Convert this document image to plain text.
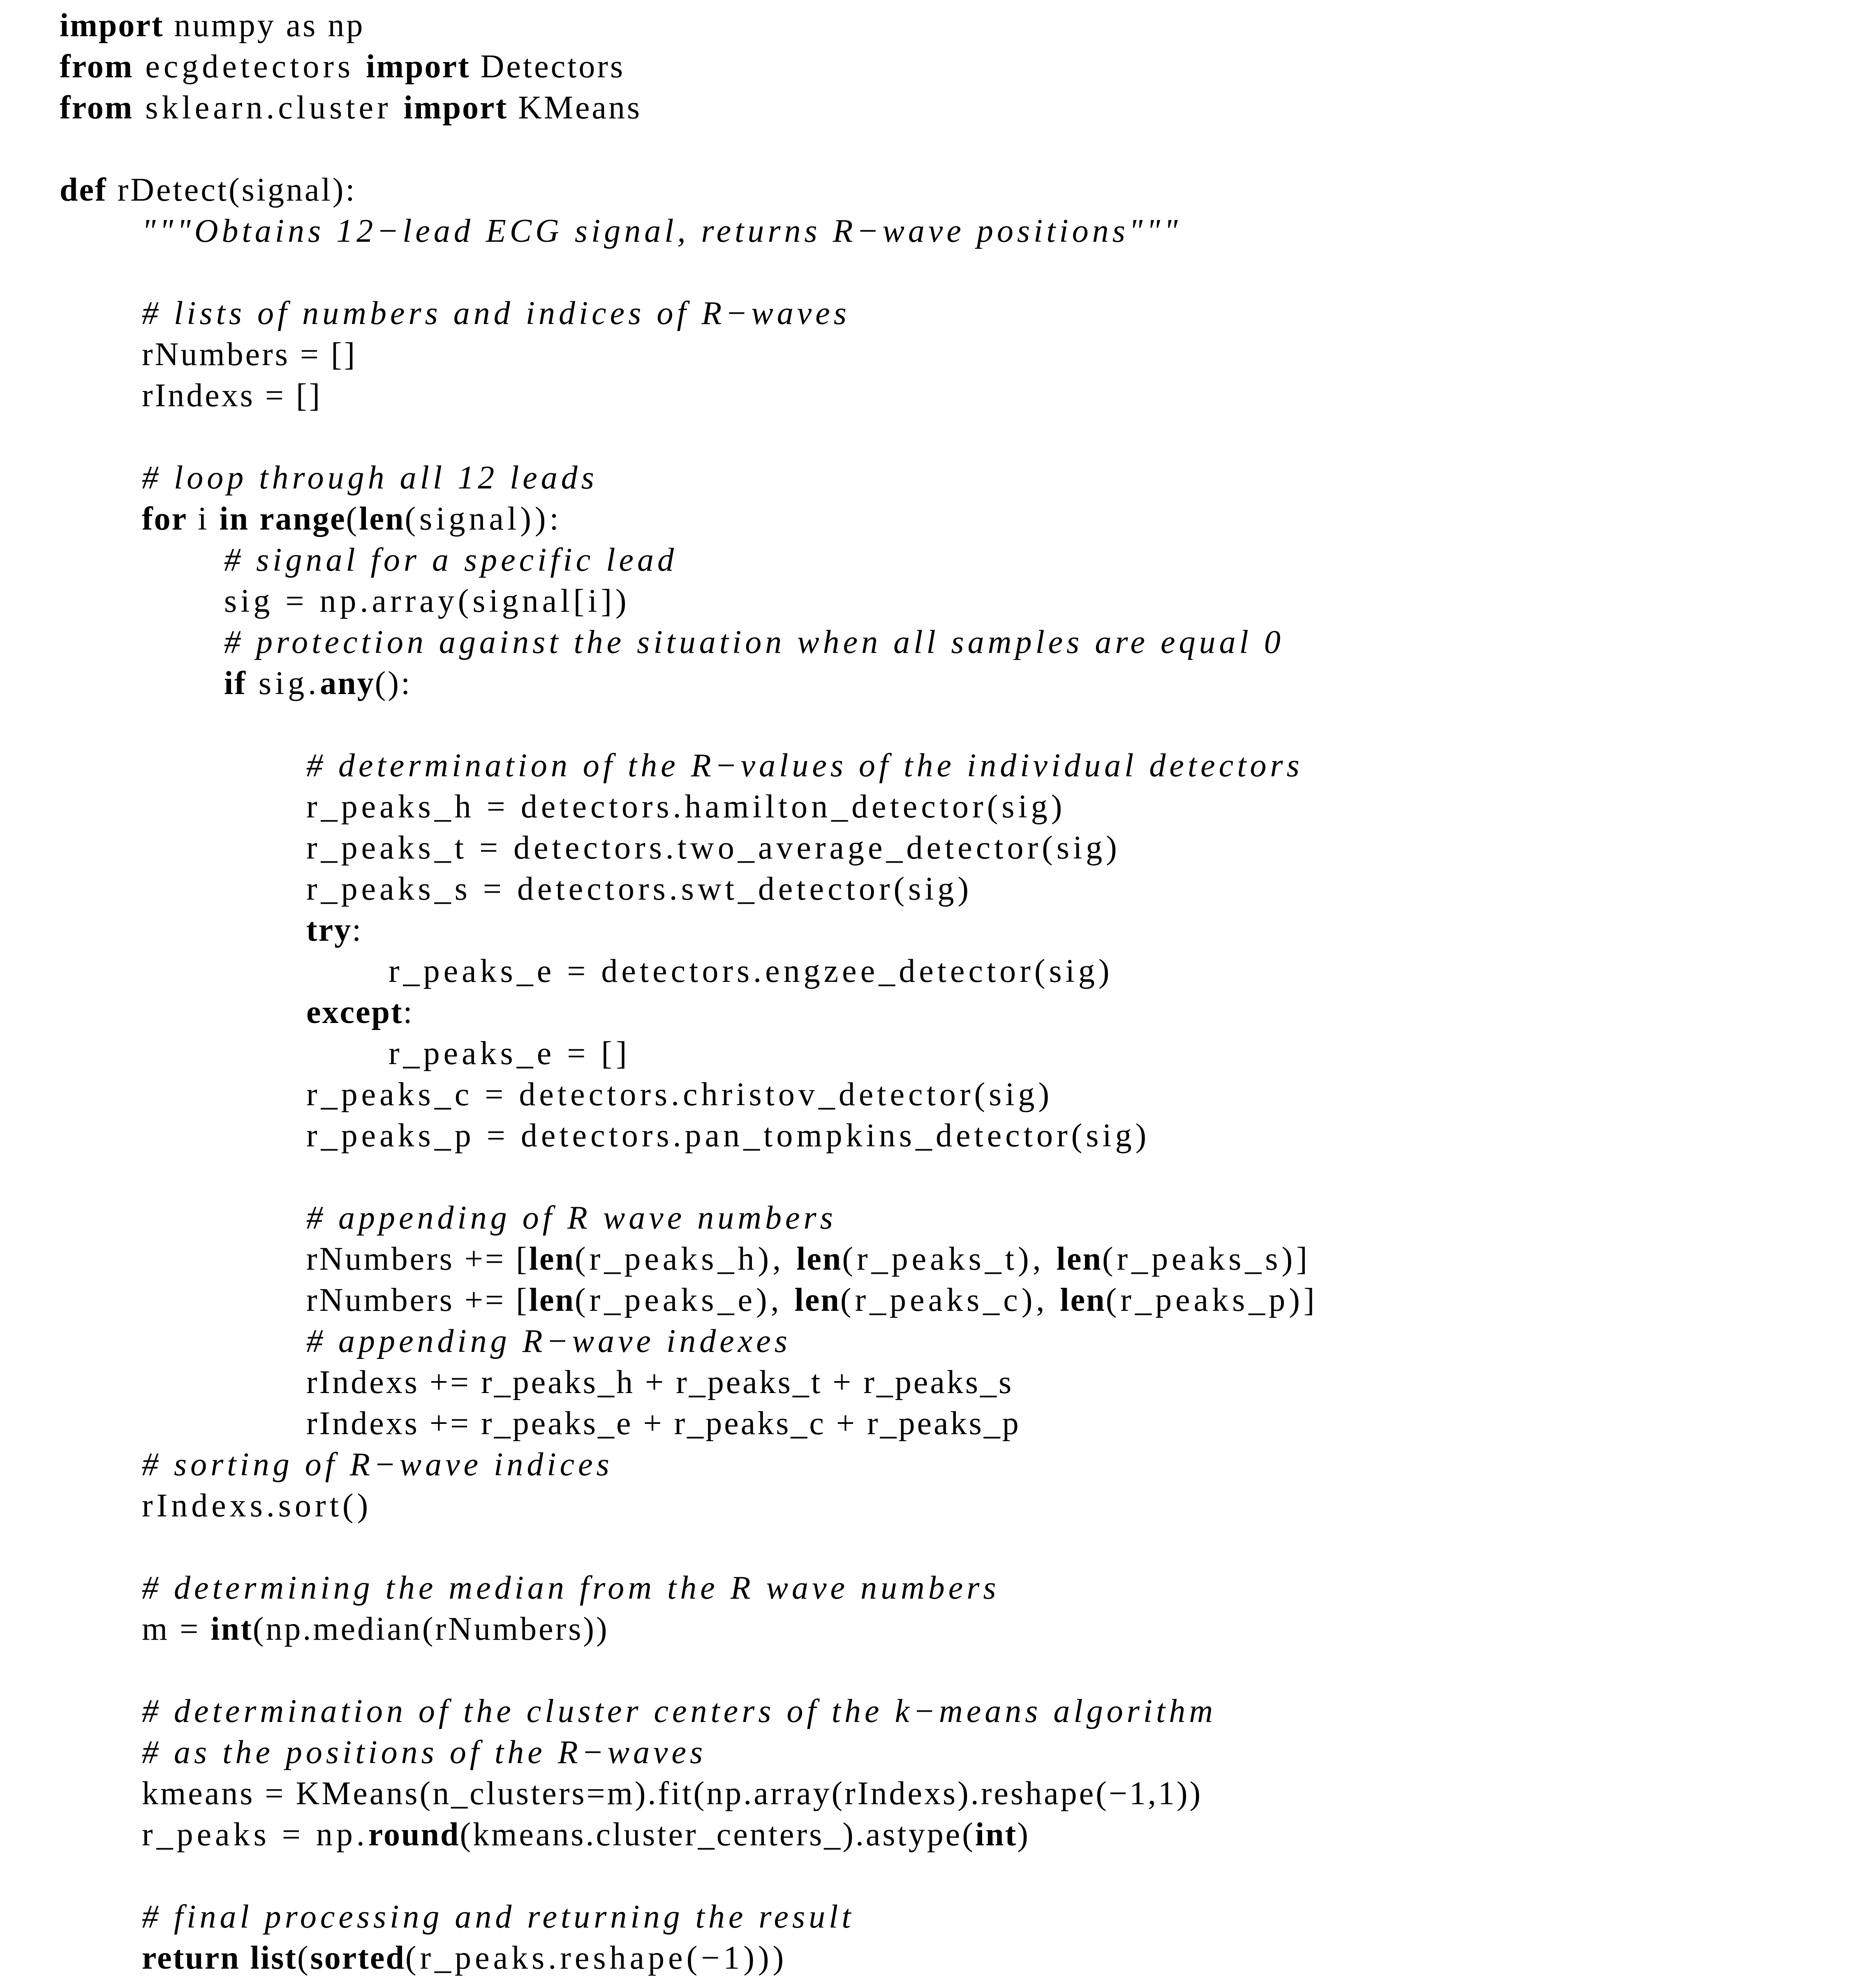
import numpy as np
from ecgdetectors import Detectors
from sklearn.cluster import KMeans
def rDetect(signal):
"""Obtains 12−lead ECG signal, returns R−wave positions"""
# lists of numbers and indices of R−waves
rNumbers = []
rIndexs = []
# loop through all 12 leads
for i in range(len(signal)):
# signal for a specific lead
sig = np.array(signal[i])
# protection against the situation when all samples are equal 0
if sig.any():
# determination of the R−values of the individual detectors
r_peaks_h = detectors.hamilton_detector(sig)
r_peaks_t = detectors.two_average_detector(sig)
r_peaks_s = detectors.swt_detector(sig)
try:
r_peaks_e = detectors.engzee_detector(sig)
except:
r_peaks_e = []
r_peaks_c = detectors.christov_detector(sig)
r_peaks_p = detectors.pan_tompkins_detector(sig)
# appending of R wave numbers
rNumbers += [len(r_peaks_h), len(r_peaks_t), len(r_peaks_s)]
rNumbers += [len(r_peaks_e), len(r_peaks_c), len(r_peaks_p)]
# appending R−wave indexes
rIndexs += r_peaks_h + r_peaks_t + r_peaks_s
rIndexs += r_peaks_e + r_peaks_c + r_peaks_p
# sorting of R−wave indices
rIndexs.sort()
# determining the median from the R wave numbers
m = int(np.median(rNumbers))
# determination of the cluster centers of the k−means algorithm
# as the positions of the R−waves
kmeans = KMeans(n_clusters=m).fit(np.array(rIndexs).reshape(−1,1))
r_peaks = np.round(kmeans.cluster_centers_).astype(int)
# final processing and returning the result
return list(sorted(r_peaks.reshape(−1)))
